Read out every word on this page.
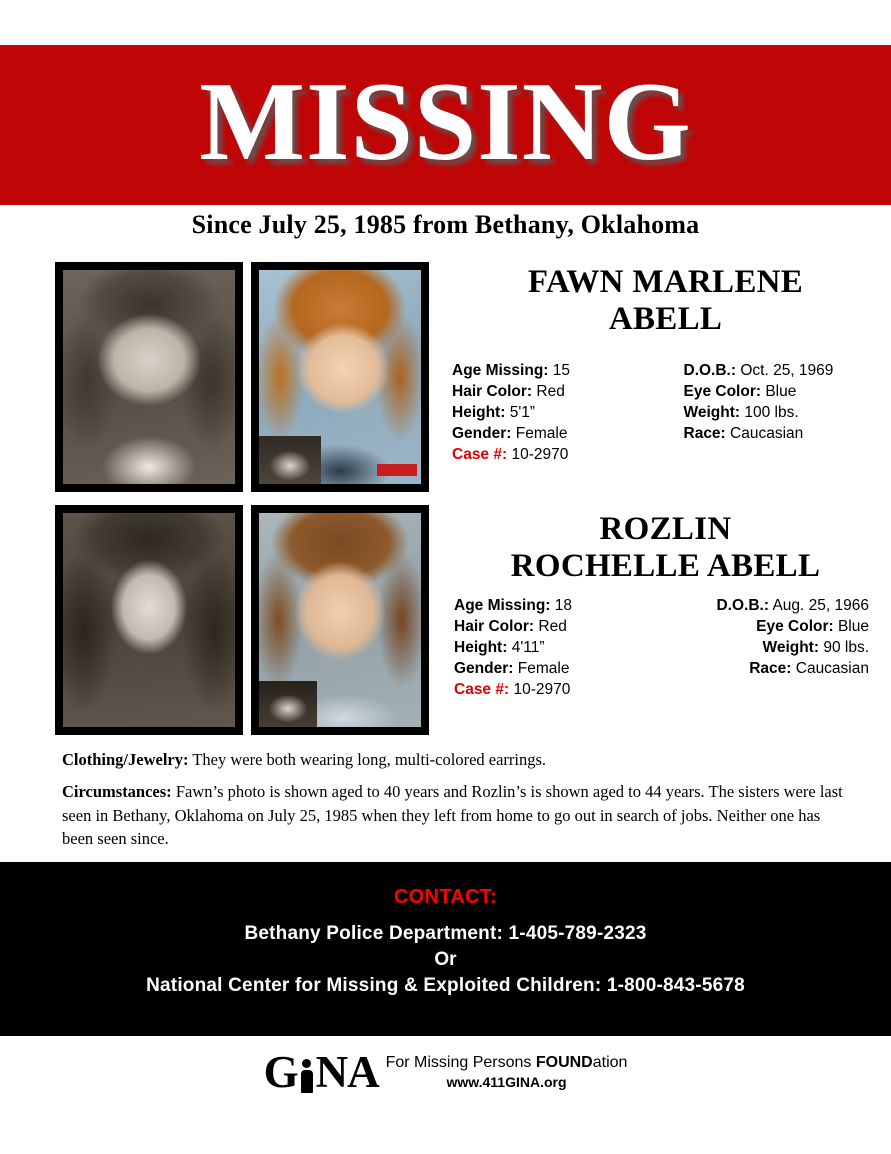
MISSING
Since July 25, 1985 from Bethany, Oklahoma
FAWN MARLENE
ABELL
Age Missing: 15
Hair Color: Red
Height: 5'1”
Gender: Female
Case #: 10-2970
D.O.B.: Oct. 25, 1969
Eye Color: Blue
Weight: 100 lbs.
Race: Caucasian
ROZLIN
ROCHELLE ABELL
Age Missing: 18
Hair Color: Red
Height: 4'11”
Gender: Female
Case #: 10-2970
D.O.B.: Aug. 25, 1966
Eye Color: Blue
Weight: 90 lbs.
Race: Caucasian

Clothing/Jewelry: They were both wearing long, multi-colored earrings.

Circumstances: Fawn’s photo is shown aged to 40 years and Rozlin’s is shown aged to 44 years. The sisters were last seen in Bethany, Oklahoma on July 25, 1985 when they left from home to go out in search of jobs. Neither one has been seen since.

CONTACT:
Bethany Police Department: 1-405-789-2323
Or
National Center for Missing & Exploited Children: 1-800-843-5678
G NA For Missing Persons FOUNDation
www.411GINA.org
